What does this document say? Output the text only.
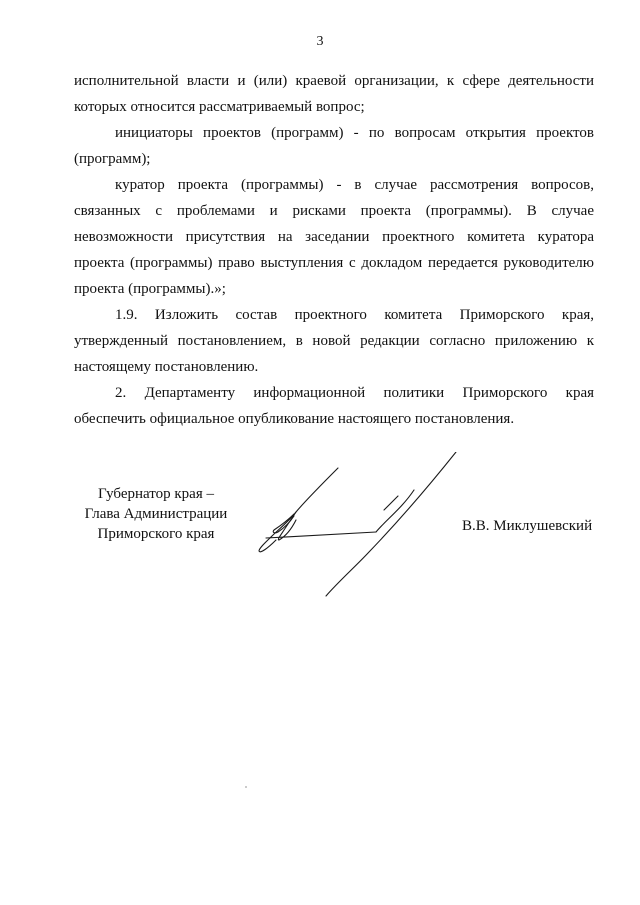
3

исполнительной власти и (или) краевой организации, к сфере деятельности которых относится рассматриваемый вопрос;

инициаторы проектов (программ) - по вопросам открытия проектов (программ);

куратор проекта (программы) - в случае рассмотрения вопросов, связанных с проблемами и рисками проекта (программы). В случае невозможности присутствия на заседании проектного комитета куратора проекта (программы) право выступления с докладом передается руководителю проекта (программы).»;

1.9. Изложить состав проектного комитета Приморского края, утвержденный постановлением, в новой редакции согласно приложению к настоящему постановлению.

2. Департаменту информационной политики Приморского края обеспечить официальное опубликование настоящего постановления.

Губернатор края –
Глава Администрации
Приморского края	В.В. Миклушевский
